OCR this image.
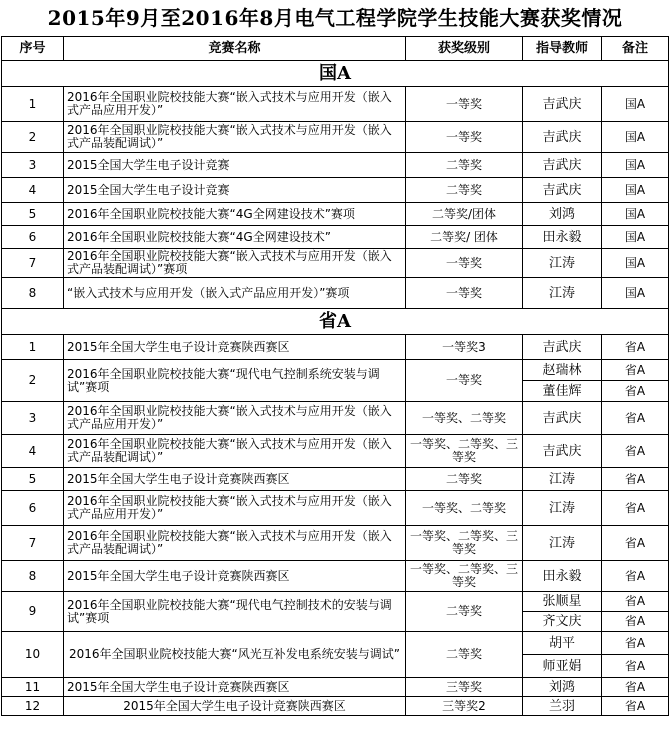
2015年9月至2016年8月电气工程学院学生技能大赛获奖情况
序号	竞赛名称	获奖级别	指导教师	备注
国A				
1	2016年全国职业院校技能大赛“嵌入式技术与应用开发（嵌入式产品应用开发）”	一等奖	吉武庆	国A
2	2016年全国职业院校技能大赛“嵌入式技术与应用开发（嵌入式产品装配调试）”	一等奖	吉武庆	国A
3	2015全国大学生电子设计竞赛	二等奖	吉武庆	国A
4	2015全国大学生电子设计竞赛	二等奖	吉武庆	国A
5	2016年全国职业院校技能大赛“4G全网建设技术”赛项	二等奖/团体	刘鸿	国A
6	2016年全国职业院校技能大赛“4G全网建设技术”	二等奖/ 团体	田永毅	国A
7	2016年全国职业院校技能大赛“嵌入式技术与应用开发（嵌入式产品装配调试）”赛项	一等奖	江涛	国A
8	“嵌入式技术与应用开发（嵌入式产品应用开发）”赛项	一等奖	江涛	国A
省A				
1	2015年全国大学生电子设计竞赛陕西赛区	一等奖3	吉武庆	省A
2	2016年全国职业院校技能大赛“现代电气控制系统安装与调试”赛项	一等奖	赵瑞林	省A
			董佳辉	省A
3	2016年全国职业院校技能大赛“嵌入式技术与应用开发（嵌入式产品应用开发）”	一等奖、二等奖	吉武庆	省A
4	2016年全国职业院校技能大赛“嵌入式技术与应用开发（嵌入式产品装配调试）”	一等奖、二等奖、三等奖	吉武庆	省A
5	2015年全国大学生电子设计竞赛陕西赛区	二等奖	江涛	省A
6	2016年全国职业院校技能大赛“嵌入式技术与应用开发（嵌入式产品应用开发）”	一等奖、二等奖	江涛	省A
7	2016年全国职业院校技能大赛“嵌入式技术与应用开发（嵌入式产品装配调试）”	一等奖、二等奖、三等奖	江涛	省A
8	2015年全国大学生电子设计竞赛陕西赛区	一等奖、二等奖、三等奖	田永毅	省A
9	2016年全国职业院校技能大赛“现代电气控制技术的安装与调试”赛项	二等奖	张顺星	省A
			齐文庆	省A
10	2016年全国职业院校技能大赛“风光互补发电系统安装与调试”	二等奖	胡平	省A
			师亚娟	省A
11	2015年全国大学生电子设计竞赛陕西赛区	三等奖	刘鸿	省A
12	2015年全国大学生电子设计竞赛陕西赛区	三等奖2	兰羽	省A
